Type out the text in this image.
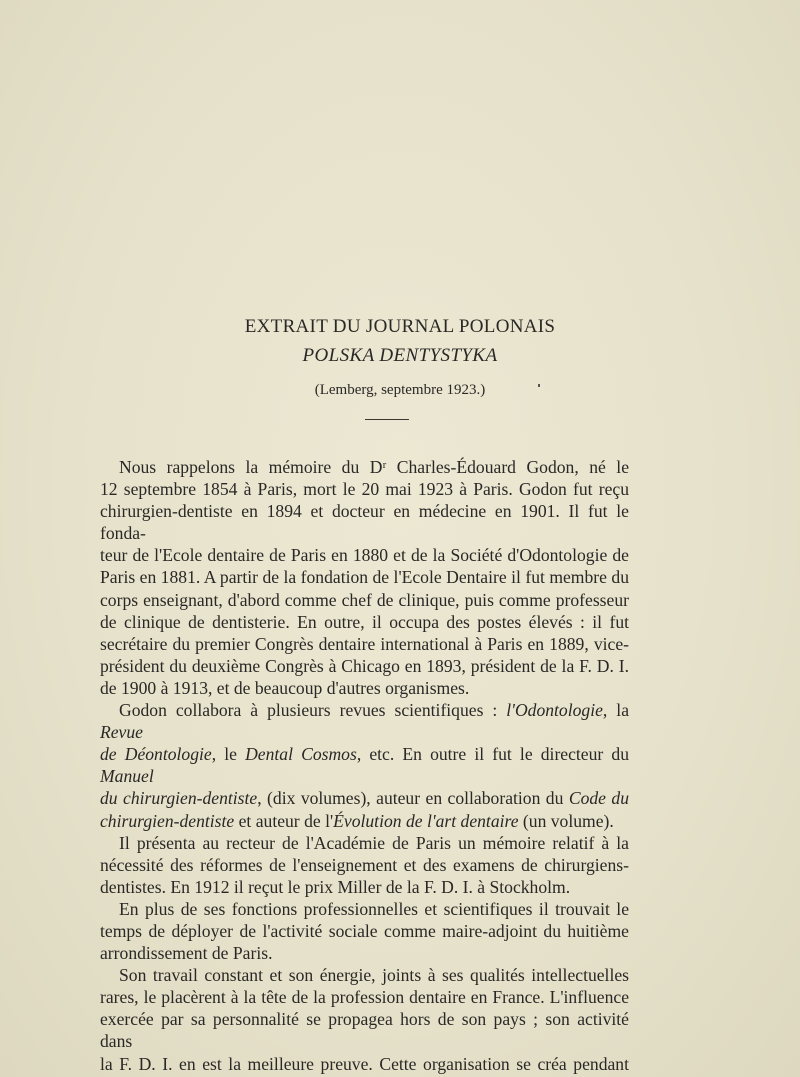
EXTRAIT DU JOURNAL POLONAIS
POLSKA DENTYSTYKA
(Lemberg, septembre 1923.)
Nous rappelons la mémoire du Dʳ Charles-Édouard Godon, né le
12 septembre 1854 à Paris, mort le 20 mai 1923 à Paris. Godon fut reçu
chirurgien-dentiste en 1894 et docteur en médecine en 1901. Il fut le fonda-
teur de l'Ecole dentaire de Paris en 1880 et de la Société d'Odontologie de
Paris en 1881. A partir de la fondation de l'Ecole Dentaire il fut membre du
corps enseignant, d'abord comme chef de clinique, puis comme professeur
de clinique de dentisterie. En outre, il occupa des postes élevés : il fut
secrétaire du premier Congrès dentaire international à Paris en 1889, vice-
président du deuxième Congrès à Chicago en 1893, président de la F. D. I.
de 1900 à 1913, et de beaucoup d'autres organismes.
Godon collabora à plusieurs revues scientifiques : l'Odontologie, la Revue
de Déontologie, le Dental Cosmos, etc. En outre il fut le directeur du Manuel
du chirurgien-dentiste, (dix volumes), auteur en collaboration du Code du
chirurgien-dentiste et auteur de l'Évolution de l'art dentaire (un volume).
Il présenta au recteur de l'Académie de Paris un mémoire relatif à la
nécessité des réformes de l'enseignement et des examens de chirurgiens-
dentistes. En 1912 il reçut le prix Miller de la F. D. I. à Stockholm.
En plus de ses fonctions professionnelles et scientifiques il trouvait le
temps de déployer de l'activité sociale comme maire-adjoint du huitième
arrondissement de Paris.
Son travail constant et son énergie, joints à ses qualités intellectuelles
rares, le placèrent à la tête de la profession dentaire en France. L'influence
exercée par sa personnalité se propagea hors de son pays ; son activité dans
la F. D. I. en est la meilleure preuve. Cette organisation se créa pendant
